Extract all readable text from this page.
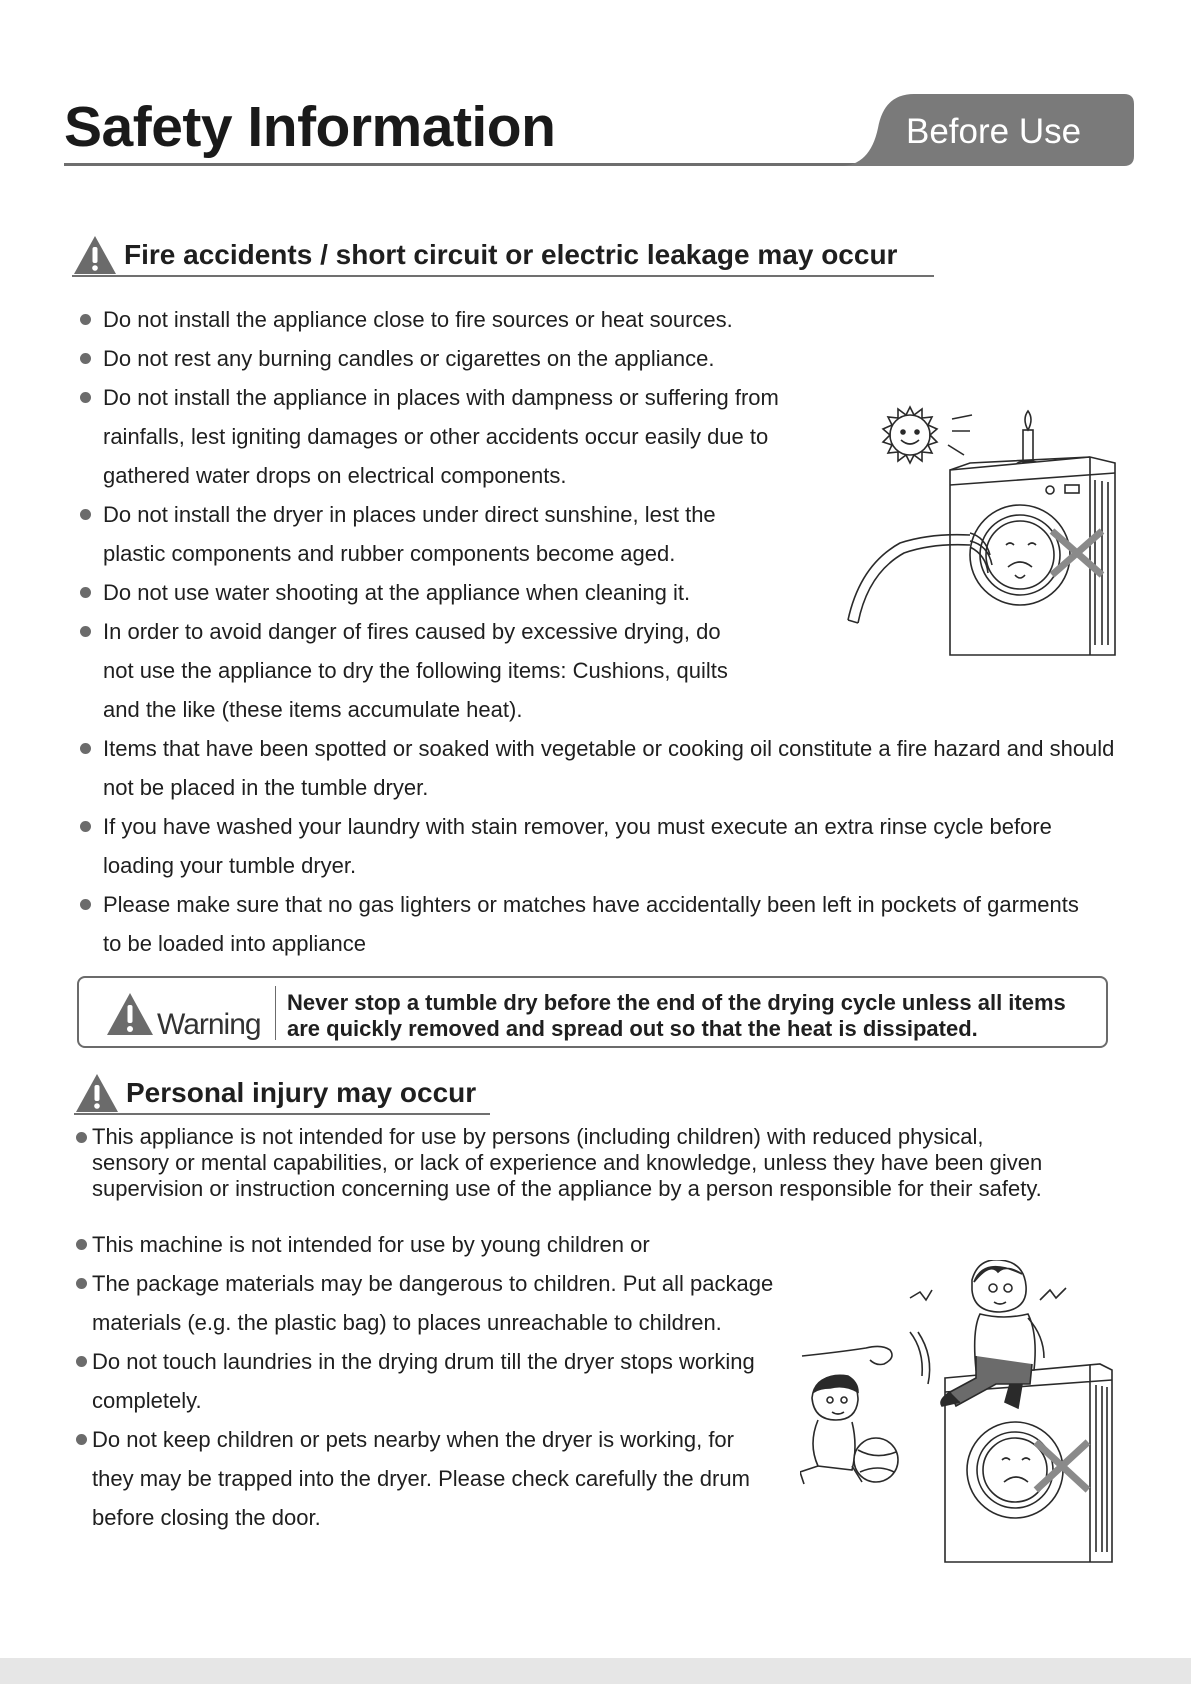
Safety Information	Before Use
Fire accidents / short circuit or electric leakage may occur

Do not install the appliance close to fire sources or heat sources.

Do not rest any burning candles or cigarettes on the appliance.

Do not install the appliance in places with dampness or suffering from rainfalls, lest igniting damages or other accidents occur easily due to gathered water drops on electrical components.

Do not install the dryer in places under direct sunshine, lest the plastic components and rubber components become aged.

Do not use water shooting at the appliance when cleaning it.

In order to avoid danger of fires caused by excessive drying, do not use the appliance to dry the following items: Cushions, quilts and the like (these items accumulate heat).

Items that have been spotted or soaked with vegetable or cooking oil constitute a fire hazard and should not be placed in the tumble dryer.

If you have washed your laundry with stain remover, you must execute an extra rinse cycle before loading your tumble dryer.

Please make sure that no gas lighters or matches have accidentally been left in pockets of garments to be loaded into appliance

Warning

Never stop a tumble dry before the end of the drying cycle unless all items are quickly removed and spread out so that the heat is dissipated.

Personal injury may occur

This appliance is not intended for use by persons (including children) with reduced physical, sensory or mental capabilities, or lack of experience and knowledge, unless they have been given supervision or instruction concerning use of the appliance by a person responsible for their safety.

This machine is not intended for use by young children or

The package materials may be dangerous to children. Put all package materials (e.g. the plastic bag) to places unreachable to children.

Do not touch laundries in the drying drum till the dryer stops working completely.

Do not keep children or pets nearby when the dryer is working, for they may be trapped into the dryer. Please check carefully the drum before closing the door.
